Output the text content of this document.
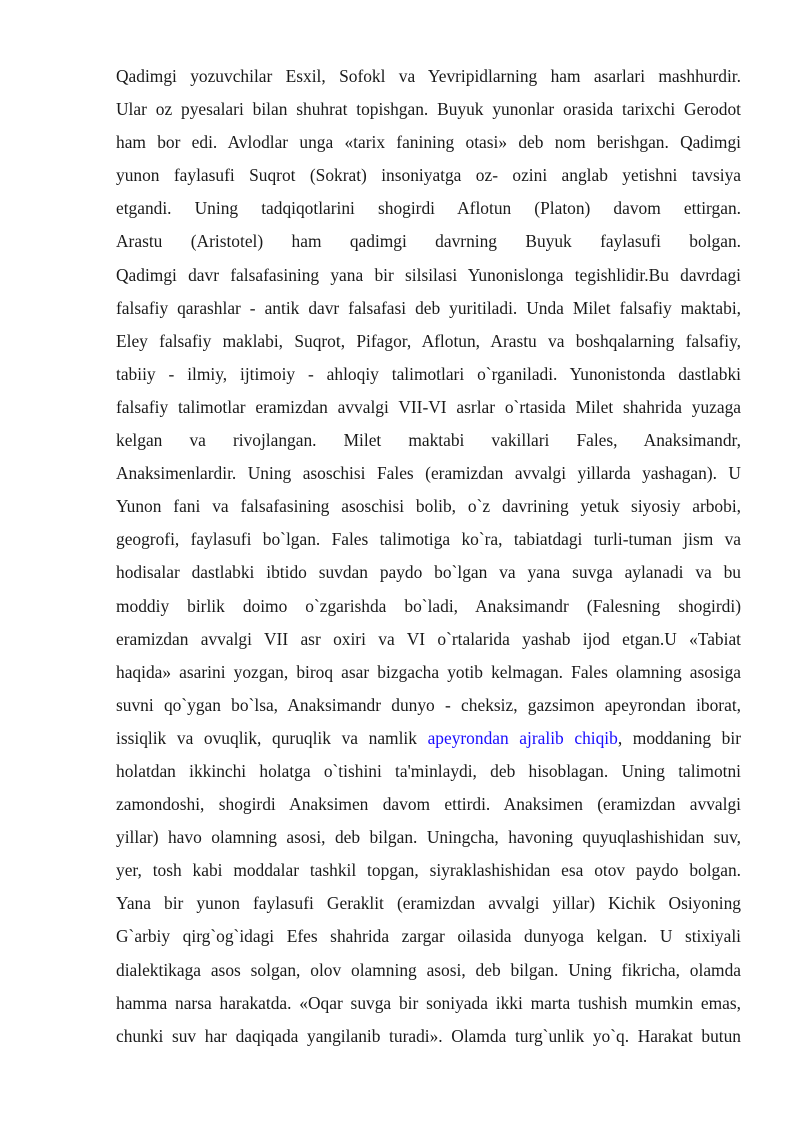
Qadimgi yozuvchilar Esxil, Sofokl va Yevripidlarning ham asarlari mashhurdir.
Ular oz pyesalari bilan shuhrat topishgan. Buyuk yunonlar orasida tarixchi Gerodot
ham bor edi. Avlodlar unga «tarix fanining otasi» deb nom berishgan. Qadimgi
yunon faylasufi Suqrot (Sokrat) insoniyatga oz- ozini anglab yetishni tavsiya
etgandi. Uning tadqiqotlarini shogirdi Aflotun (Platon) davom ettirgan.
Arastu (Aristotel) ham qadimgi davrning Buyuk faylasufi bolgan.
Qadimgi davr falsafasining yana bir silsilasi Yunonislonga tegishlidir.Bu davrdagi
falsafiy qarashlar - antik davr falsafasi deb yuritiladi. Unda Milet falsafiy maktabi,
Eley falsafiy maklabi, Suqrot, Pifagor, Aflotun, Arastu va boshqalarning falsafiy,
tabiiy - ilmiy, ijtimoiy - ahloqiy talimotlari o`rganiladi. Yunonistonda dastlabki
falsafiy talimotlar eramizdan avvalgi VII-VI asrlar o`rtasida Milet shahrida yuzaga
kelgan va rivojlangan. Milet maktabi vakillari Fales, Anaksimandr,
Anaksimenlardir. Uning asoschisi Fales (eramizdan avvalgi yillarda yashagan). U
Yunon fani va falsafasining asoschisi bolib, o`z davrining yetuk siyosiy arbobi,
geogrofi, faylasufi bo`lgan. Fales talimotiga ko`ra, tabiatdagi turli-tuman jism va
hodisalar dastlabki ibtido suvdan paydo bo`lgan va yana suvga aylanadi va bu
moddiy birlik doimo o`zgarishda bo`ladi, Anaksimandr (Falesning shogirdi)
eramizdan avvalgi VII asr oxiri va VI o`rtalarida yashab ijod etgan.U «Tabiat
haqida» asarini yozgan, biroq asar bizgacha yotib kelmagan. Fales olamning asosiga
suvni qo`ygan bo`lsa, Anaksimandr dunyo - cheksiz, gazsimon apeyrondan iborat,
issiqlik va ovuqlik, quruqlik va namlik apeyrondan ajralib chiqib, moddaning bir
holatdan ikkinchi holatga o`tishini ta'minlaydi, deb hisoblagan. Uning talimotni
zamondoshi, shogirdi Anaksimen davom ettirdi. Anaksimen (eramizdan avvalgi
yillar) havo olamning asosi, deb bilgan. Uningcha, havoning quyuqlashishidan suv,
yer, tosh kabi moddalar tashkil topgan, siyraklashishidan esa otov paydo bolgan.
Yana bir yunon faylasufi Geraklit (eramizdan avvalgi yillar) Kichik Osiyoning
G`arbiy qirg`og`idagi Efes shahrida zargar oilasida dunyoga kelgan. U stixiyali
dialektikaga asos solgan, olov olamning asosi, deb bilgan. Uning fikricha, olamda
hamma narsa harakatda. «Oqar suvga bir soniyada ikki marta tushish mumkin emas,
chunki suv har daqiqada yangilanib turadi». Olamda turg`unlik yo`q. Harakat butun
